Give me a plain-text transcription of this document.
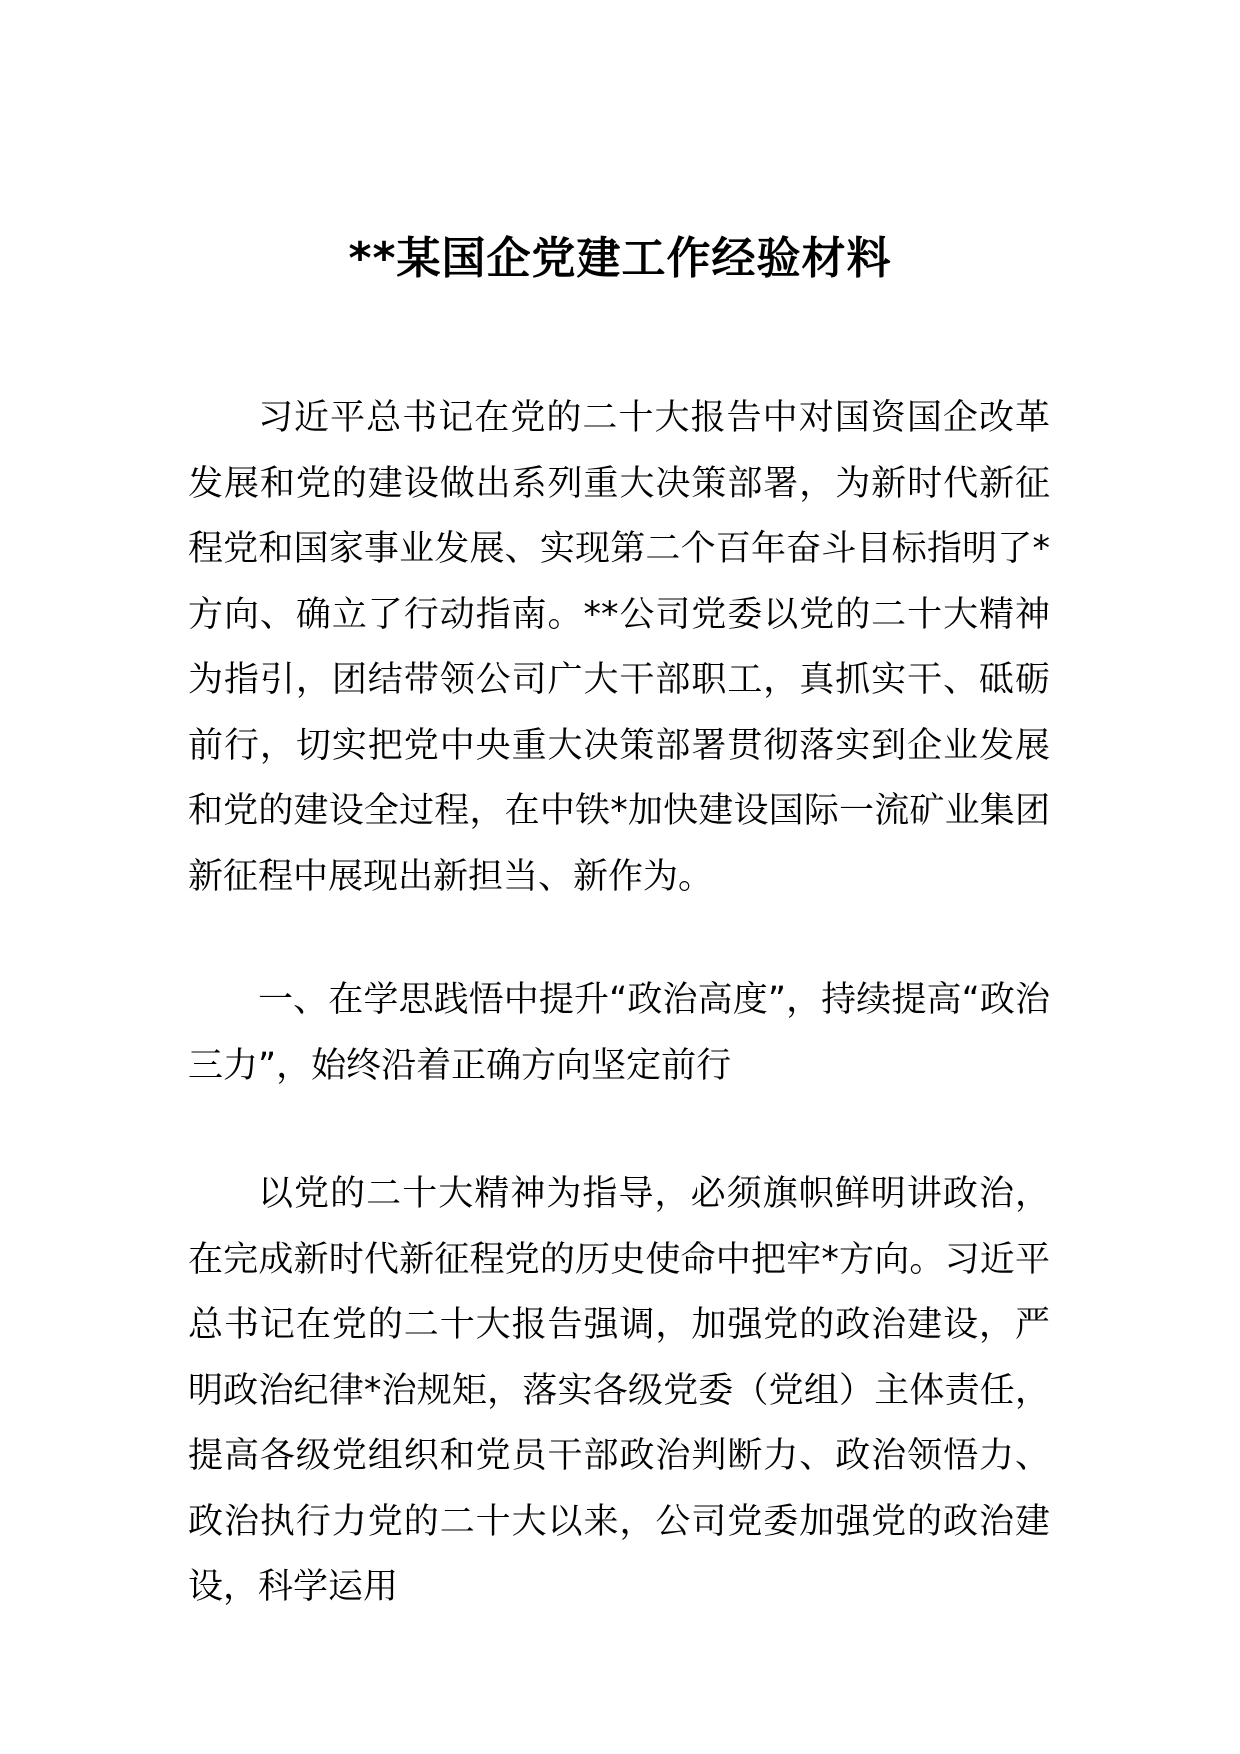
**某国企党建工作经验材料

习近平总书记在党的二十大报告中对国资国企改革发展和党的建设做出系列重大决策部署，为新时代新征程党和国家事业发展、实现第二个百年奋斗目标指明了*方向、确立了行动指南。**公司党委以党的二十大精神为指引，团结带领公司广大干部职工，真抓实干、砥砺前行，切实把党中央重大决策部署贯彻落实到企业发展和党的建设全过程，在中铁*加快建设国际一流矿业集团新征程中展现出新担当、新作为。

一、在学思践悟中提升“政治高度”，持续提高“政治三力”，始终沿着正确方向坚定前行

以党的二十大精神为指导，必须旗帜鲜明讲政治，在完成新时代新征程党的历史使命中把牢*方向。习近平总书记在党的二十大报告强调，加强党的政治建设，严明政治纪律*治规矩，落实各级党委（党组）主体责任，提高各级党组织和党员干部政治判断力、政治领悟力、政治执行力党的二十大以来，公司党委加强党的政治建设，科学运用
